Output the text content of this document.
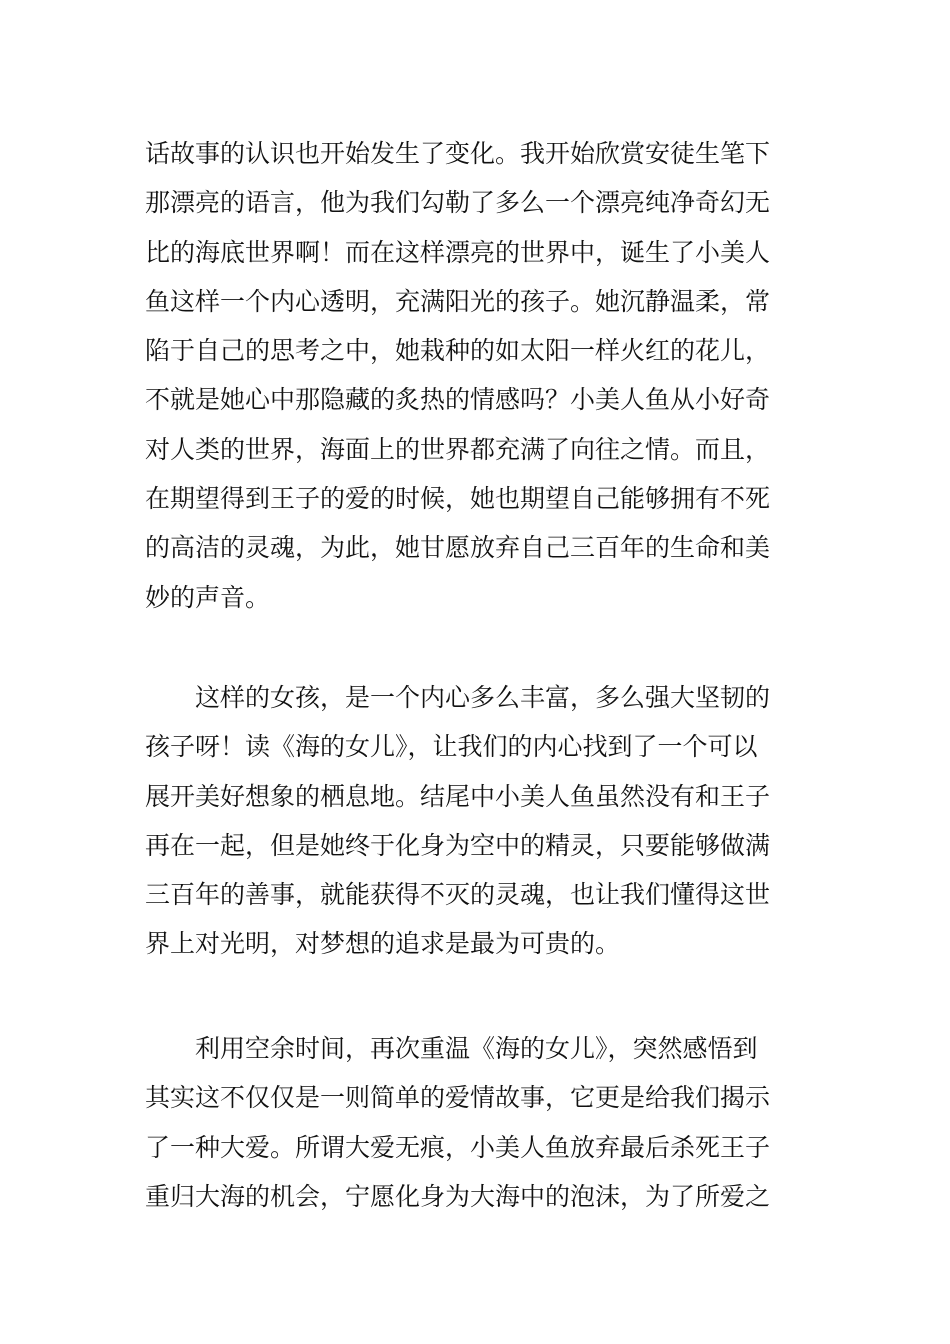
话故事的认识也开始发生了变化。我开始欣赏安徒生笔下
那漂亮的语言，他为我们勾勒了多么一个漂亮纯净奇幻无
比的海底世界啊！而在这样漂亮的世界中，诞生了小美人
鱼这样一个内心透明，充满阳光的孩子。她沉静温柔，常
陷于自己的思考之中，她栽种的如太阳一样火红的花儿，
不就是她心中那隐藏的炙热的情感吗？小美人鱼从小好奇
对人类的世界，海面上的世界都充满了向往之情。而且，
在期望得到王子的爱的时候，她也期望自己能够拥有不死
的高洁的灵魂，为此，她甘愿放弃自己三百年的生命和美
妙的声音。
　　这样的女孩，是一个内心多么丰富，多么强大坚韧的
孩子呀！读《海的女儿》，让我们的内心找到了一个可以
展开美好想象的栖息地。结尾中小美人鱼虽然没有和王子
再在一起，但是她终于化身为空中的精灵，只要能够做满
三百年的善事，就能获得不灭的灵魂，也让我们懂得这世
界上对光明，对梦想的追求是最为可贵的。
　　利用空余时间，再次重温《海的女儿》，突然感悟到
其实这不仅仅是一则简单的爱情故事，它更是给我们揭示
了一种大爱。所谓大爱无痕，小美人鱼放弃最后杀死王子
重归大海的机会，宁愿化身为大海中的泡沫，为了所爱之
